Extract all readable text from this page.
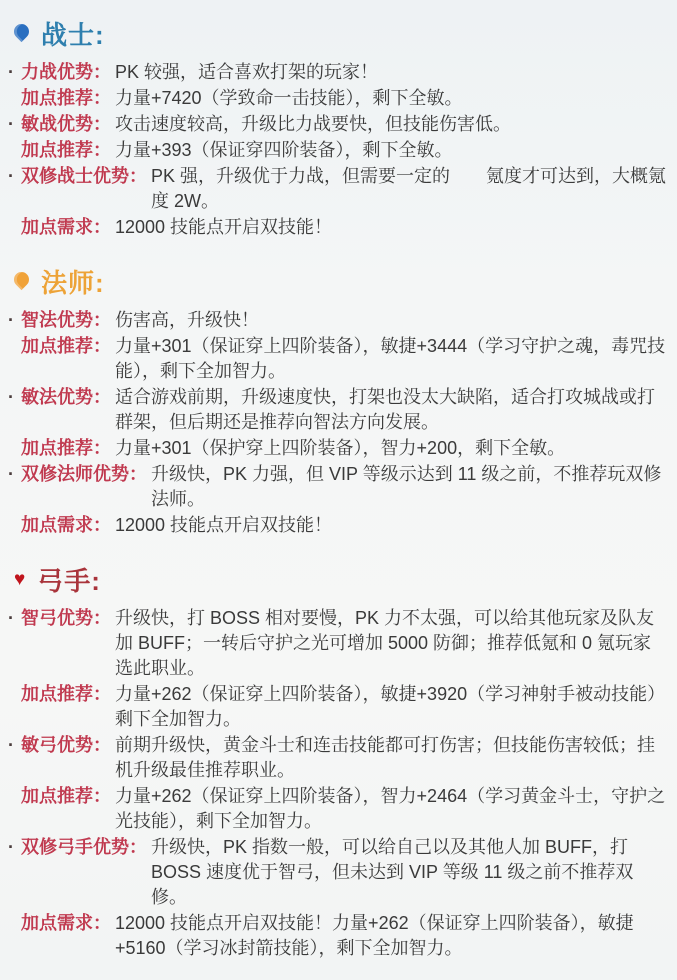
战士:
· 力战优势： PK 较强，适合喜欢打架的玩家！
加点推荐： 力量+7420（学致命一击技能），剩下全敏。
· 敏战优势： 攻击速度较高，升级比力战要快，但技能伤害低。
加点推荐： 力量+393（保证穿四阶装备），剩下全敏。
· 双修战士优势： PK 强，升级优于力战，但需要一定的　　氪度才可达到，大概氪度 2W。
加点需求： 12000 技能点开启双技能！
法师:
· 智法优势： 伤害高，升级快！
加点推荐： 力量+301（保证穿上四阶装备），敏捷+3444（学习守护之魂，毒咒技能），剩下全加智力。
· 敏法优势： 适合游戏前期，升级速度快，打架也没太大缺陷，适合打攻城战或打群架，但后期还是推荐向智法方向发展。
加点推荐： 力量+301（保护穿上四阶装备），智力+200，剩下全敏。
· 双修法师优势： 升级快，PK 力强，但 VIP 等级示达到 11 级之前，不推荐玩双修法师。
加点需求： 12000 技能点开启双技能！
♥ 弓手:
· 智弓优势： 升级快，打 BOSS 相对要慢，PK 力不太强，可以给其他玩家及队友加 BUFF；一转后守护之光可增加 5000 防御；推荐低氪和 0 氪玩家选此职业。
加点推荐： 力量+262（保证穿上四阶装备），敏捷+3920（学习神射手被动技能）剩下全加智力。
· 敏弓优势： 前期升级快，黄金斗士和连击技能都可打伤害；但技能伤害较低；挂机升级最佳推荐职业。
加点推荐： 力量+262（保证穿上四阶装备），智力+2464（学习黄金斗士，守护之光技能），剩下全加智力。
· 双修弓手优势： 升级快，PK 指数一般，可以给自己以及其他人加 BUFF，打 BOSS 速度优于智弓，但未达到 VIP 等级 11 级之前不推荐双修。
加点需求： 12000 技能点开启双技能！力量+262（保证穿上四阶装备），敏捷+5160（学习冰封箭技能），剩下全加智力。
